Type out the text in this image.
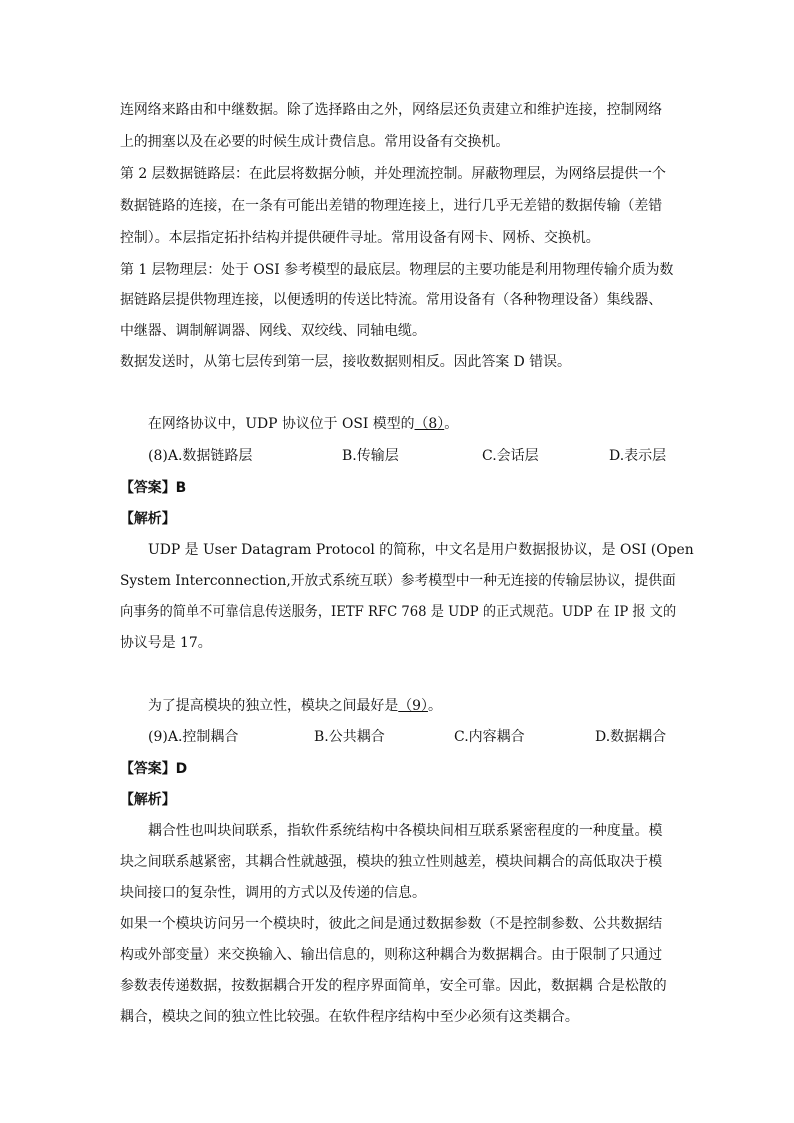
连网络来路由和中继数据。除了选择路由之外，网络层还负责建立和维护连接，控制网络
上的拥塞以及在必要的时候生成计费信息。常用设备有交换机。
第 2 层数据链路层：在此层将数据分帧，并处理流控制。屏蔽物理层，为网络层提供一个
数据链路的连接，在一条有可能出差错的物理连接上，进行几乎无差错的数据传输（差错
控制）。本层指定拓扑结构并提供硬件寻址。常用设备有网卡、网桥、交换机。
第 1 层物理层：处于 OSI 参考模型的最底层。物理层的主要功能是利用物理传输介质为数
据链路层提供物理连接，以便透明的传送比特流。常用设备有（各种物理设备）集线器、
中继器、调制解调器、网线、双绞线、同轴电缆。
数据发送时，从第七层传到第一层，接收数据则相反。因此答案 D 错误。
在网络协议中，UDP 协议位于 OSI 模型的（8）。
(8)A.数据链路层	B.传输层	C.会话层	D.表示层
【答案】B
【解析】
UDP 是 User Datagram Protocol 的简称，中文名是用户数据报协议，是 OSI (Open
System Interconnection,开放式系统互联）参考模型中一种无连接的传输层协议，提供面
向事务的简单不可靠信息传送服务，IETF RFC 768 是 UDP 的正式规范。UDP 在 IP 报 文的
协议号是 17。
为了提高模块的独立性，模块之间最好是（9）。
(9)A.控制耦合	B.公共耦合	C.内容耦合	D.数据耦合
【答案】D
【解析】
耦合性也叫块间联系，指软件系统结构中各模块间相互联系紧密程度的一种度量。模
块之间联系越紧密，其耦合性就越强，模块的独立性则越差，模块间耦合的高低取决于模
块间接口的复杂性，调用的方式以及传递的信息。
如果一个模块访问另一个模块时，彼此之间是通过数据参数（不是控制参数、公共数据结
构或外部变量）来交换输入、输出信息的，则称这种耦合为数据耦合。由于限制了只通过
参数表传递数据，按数据耦合开发的程序界面简单，安全可靠。因此，数据耦 合是松散的
耦合，模块之间的独立性比较强。在软件程序结构中至少必须有这类耦合。
